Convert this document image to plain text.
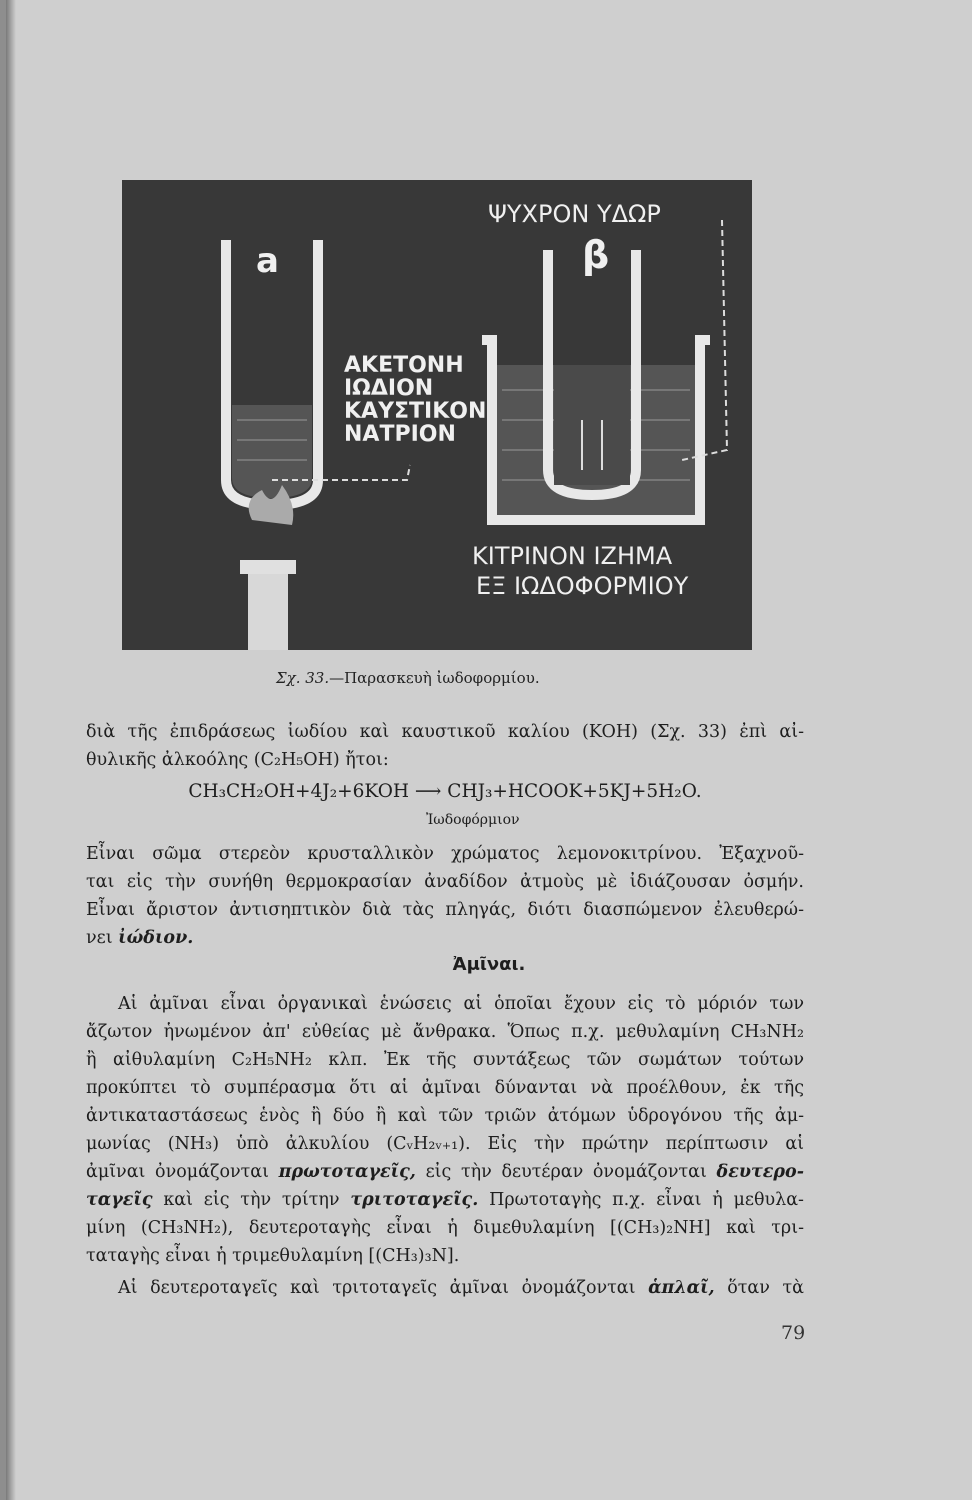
a	β
ΨΥΧΡΟΝ ΥΔΩΡ
ΑΚΕΤΟΝΗ
ΙΩΔΙΟΝ
ΚΑΥΣΤΙΚΟΝ
ΝΑΤΡΙΟΝ
ΚΙΤΡΙΝΟΝ ΙΖΗΜΑ
ΕΞ ΙΩΔΟΦΟΡΜΙΟΥ
Σχ. 33.—Παρασκευὴ ἰωδοφορμίου.
διὰ τῆς ἐπιδράσεως ἰωδίου καὶ καυστικοῦ καλίου (KOH) (Σχ. 33) ἐπὶ αἰ-
θυλικῆς ἀλκοόλης (C₂H₅OH) ἤτοι:
CH₃CH₂OH+4J₂+6KOH ⟶ CHJ₃+HCOOK+5KJ+5H₂O.
Ἰωδοφόρμιον
Εἶναι σῶμα στερεὸν κρυσταλλικὸν χρώματος λεμονοκιτρίνου. Ἐξαχνοῦ-
ται εἰς τὴν συνήθη θερμοκρασίαν ἀναδίδον ἀτμοὺς μὲ ἰδιάζουσαν ὀσμήν.
Εἶναι ἄριστον ἀντισηπτικὸν διὰ τὰς πληγάς, διότι διασπώμενον ἐλευθερώ-
νει ἰώδιον.
Ἀμῖναι.
Αἱ ἀμῖναι εἶναι ὀργανικαὶ ἑνώσεις αἱ ὁποῖαι ἔχουν εἰς τὸ μόριόν των
ἄζωτον ἡνωμένον ἀπ' εὐθείας μὲ ἄνθρακα. Ὅπως π.χ. μεθυλαμίνη CH₃NH₂
ἢ αἰθυλαμίνη C₂H₅NH₂ κλπ. Ἐκ τῆς συντάξεως τῶν σωμάτων τούτων
προκύπτει τὸ συμπέρασμα ὅτι αἱ ἀμῖναι δύνανται νὰ προέλθουν, ἐκ τῆς
ἀντικαταστάσεως ἑνὸς ἢ δύο ἢ καὶ τῶν τριῶν ἀτόμων ὑδρογόνου τῆς ἀμ-
μωνίας (NH₃) ὑπὸ ἀλκυλίου (CᵥH₂ᵥ₊₁). Εἰς τὴν πρώτην περίπτωσιν αἱ
ἀμῖναι ὀνομάζονται πρωτοταγεῖς, εἰς τὴν δευτέραν ὀνομάζονται δευτερο-
ταγεῖς καὶ εἰς τὴν τρίτην τριτοταγεῖς. Πρωτοταγὴς π.χ. εἶναι ἡ μεθυλα-
μίνη (CH₃NH₂), δευτεροταγὴς εἶναι ἡ διμεθυλαμίνη [(CH₃)₂NH] καὶ τρι-
ταταγὴς εἶναι ἡ τριμεθυλαμίνη [(CH₃)₃N].
Αἱ δευτεροταγεῖς καὶ τριτοταγεῖς ἀμῖναι ὀνομάζονται ἁπλαῖ, ὅταν τὰ
79
